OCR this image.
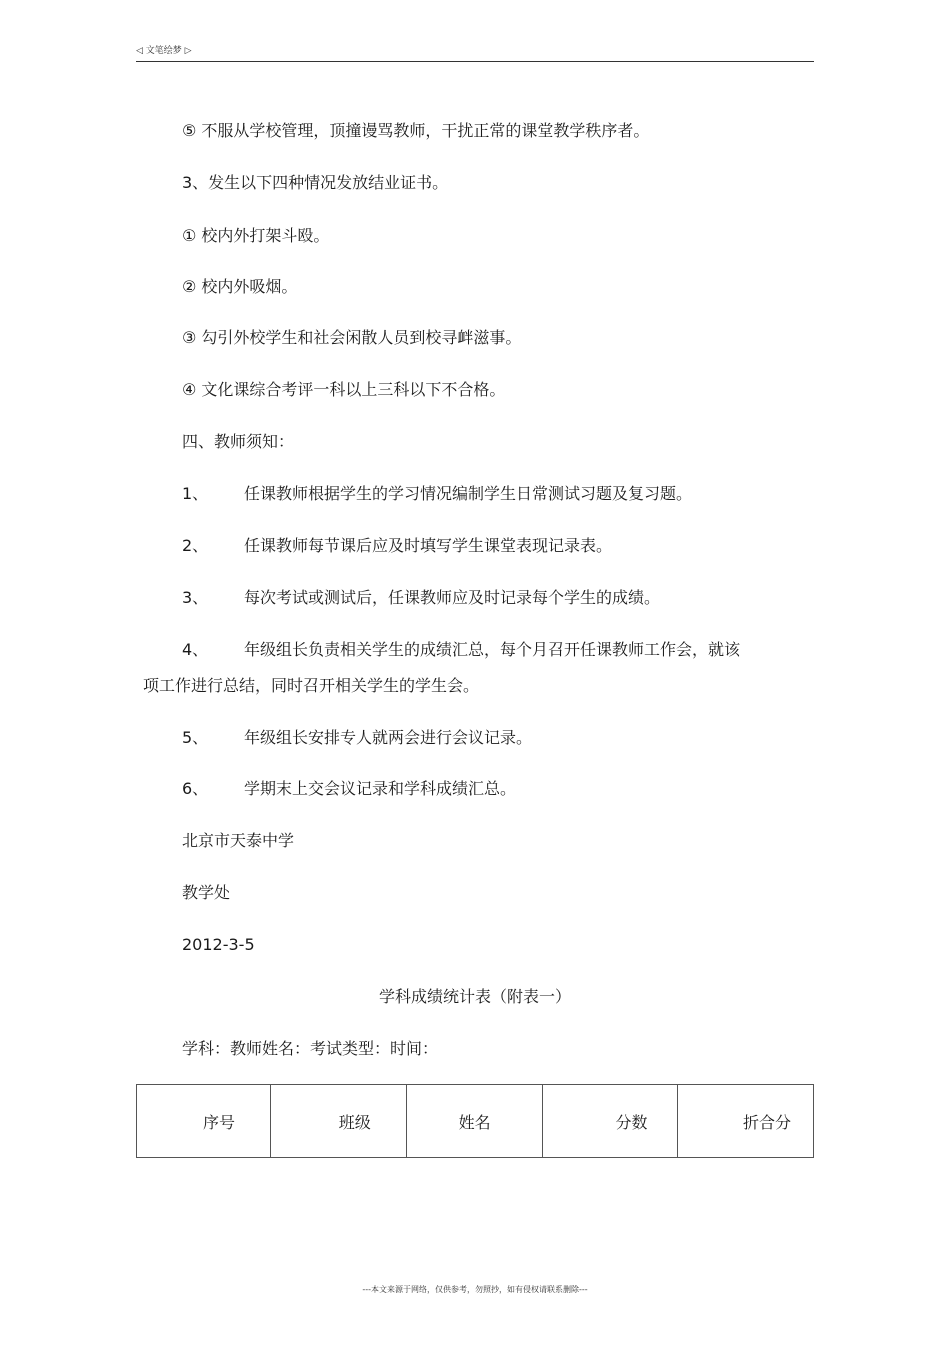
◁ 文笔绘梦 ▷
⑤ 不服从学校管理，顶撞谩骂教师，干扰正常的课堂教学秩序者。
3、发生以下四种情况发放结业证书。
① 校内外打架斗殴。
② 校内外吸烟。
③ 勾引外校学生和社会闲散人员到校寻衅滋事。
④ 文化课综合考评一科以上三科以下不合格。
四、教师须知：
1、 任课教师根据学生的学习情况编制学生日常测试习题及复习题。
2、 任课教师每节课后应及时填写学生课堂表现记录表。
3、 每次考试或测试后，任课教师应及时记录每个学生的成绩。
4、 年级组长负责相关学生的成绩汇总，每个月召开任课教师工作会，就该
项工作进行总结，同时召开相关学生的学生会。
5、 年级组长安排专人就两会进行会议记录。
6、 学期末上交会议记录和学科成绩汇总。
北京市天泰中学
教学处
2012-3-5
学科成绩统计表（附表一）
学科：教师姓名：考试类型：时间：
序号	班级	姓名	分数	折合分
---本文来源于网络，仅供参考，勿照抄，如有侵权请联系删除---
